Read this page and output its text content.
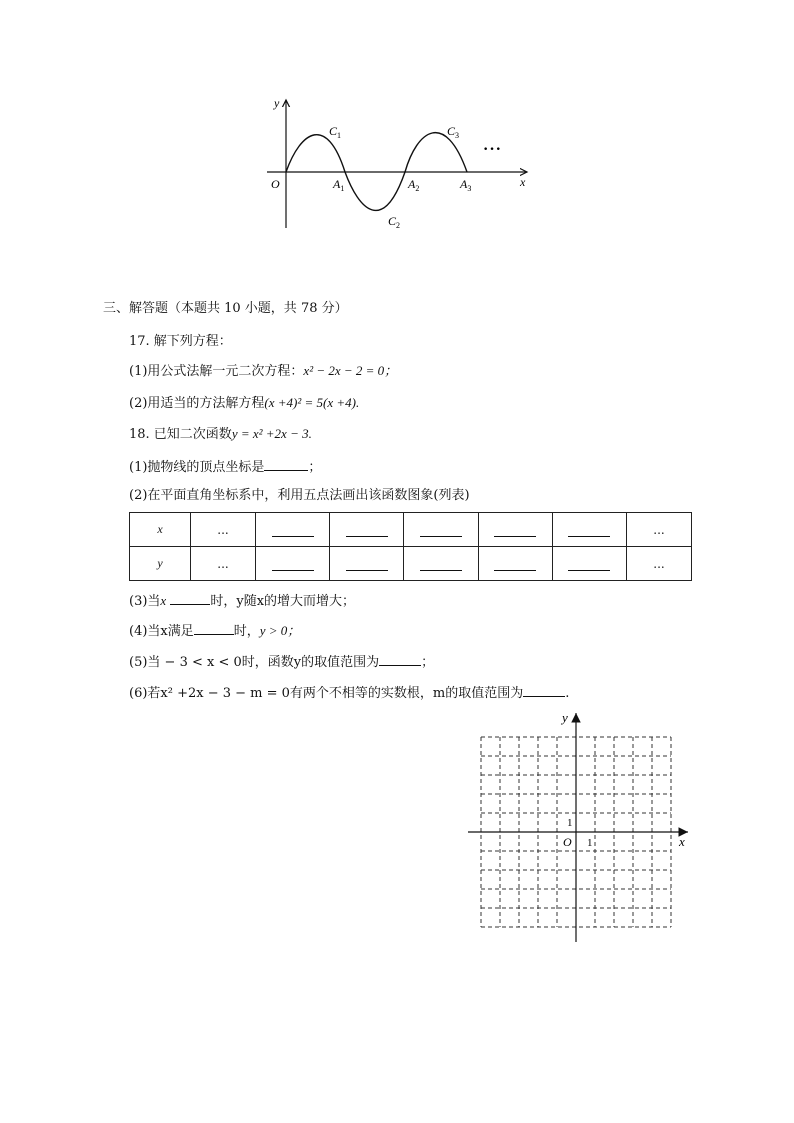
y
x
O
$C_1$
$C_2$
$C_3$
$A_1$	$A_2$	$A_3$
···
三、解答题（本题共 10 小题，共 78 分）
17. 解下列方程：
(1)用公式法解一元二次方程：x² − 2x − 2 = 0；
(2)用适当的方法解方程(x +4)² = 5(x +4).
18. 已知二次函数y = x² +2x − 3.
(1)抛物线的顶点坐标是	；
(2)在平面直角坐标系中，利用五点法画出该函数图象(列表)
x	...						...
y	...						...
(3)当x	时，y随x的增大而增大；
(4)当x满足	时，y > 0；
(5)当 − 3 < x < 0时，函数y的取值范围为	；
(6)若x² +2x − 3 − m = 0有两个不相等的实数根，m的取值范围为	.
y
x
O 1
1
